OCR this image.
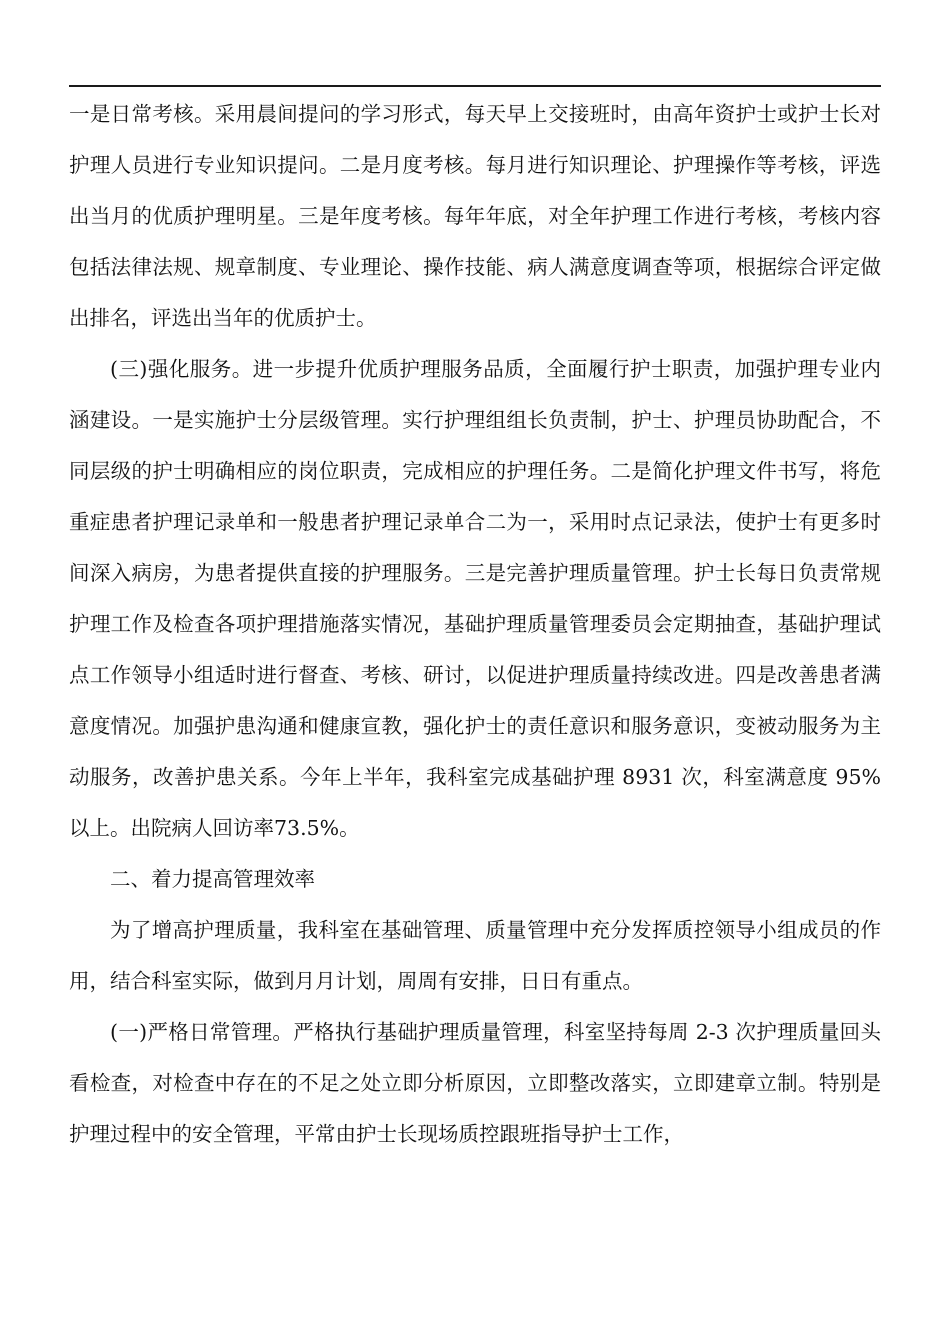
一是日常考核。采用晨间提问的学习形式，每天早上交接班时，由高年资护士或护士长对护理人员进行专业知识提问。二是月度考核。每月进行知识理论、护理操作等考核，评选出当月的优质护理明星。三是年度考核。每年年底，对全年护理工作进行考核，考核内容包括法律法规、规章制度、专业理论、操作技能、病人满意度调查等项，根据综合评定做出排名，评选出当年的优质护士。

(三)强化服务。进一步提升优质护理服务品质，全面履行护士职责，加强护理专业内涵建设。一是实施护士分层级管理。实行护理组组长负责制，护士、护理员协助配合，不同层级的护士明确相应的岗位职责，完成相应的护理任务。二是简化护理文件书写，将危重症患者护理记录单和一般患者护理记录单合二为一，采用时点记录法，使护士有更多时间深入病房，为患者提供直接的护理服务。三是完善护理质量管理。护士长每日负责常规护理工作及检查各项护理措施落实情况，基础护理质量管理委员会定期抽查，基础护理试点工作领导小组适时进行督查、考核、研讨，以促进护理质量持续改进。四是改善患者满意度情况。加强护患沟通和健康宣教，强化护士的责任意识和服务意识，变被动服务为主动服务，改善护患关系。今年上半年，我科室完成基础护理 8931 次，科室满意度 95%以上。出院病人回访率73.5%。

二、着力提高管理效率

为了增高护理质量，我科室在基础管理、质量管理中充分发挥质控领导小组成员的作用，结合科室实际，做到月月计划，周周有安排，日日有重点。

(一)严格日常管理。严格执行基础护理质量管理，科室坚持每周 2-3 次护理质量回头看检查，对检查中存在的不足之处立即分析原因，立即整改落实，立即建章立制。特别是护理过程中的安全管理，平常由护士长现场质控跟班指导护士工作，
